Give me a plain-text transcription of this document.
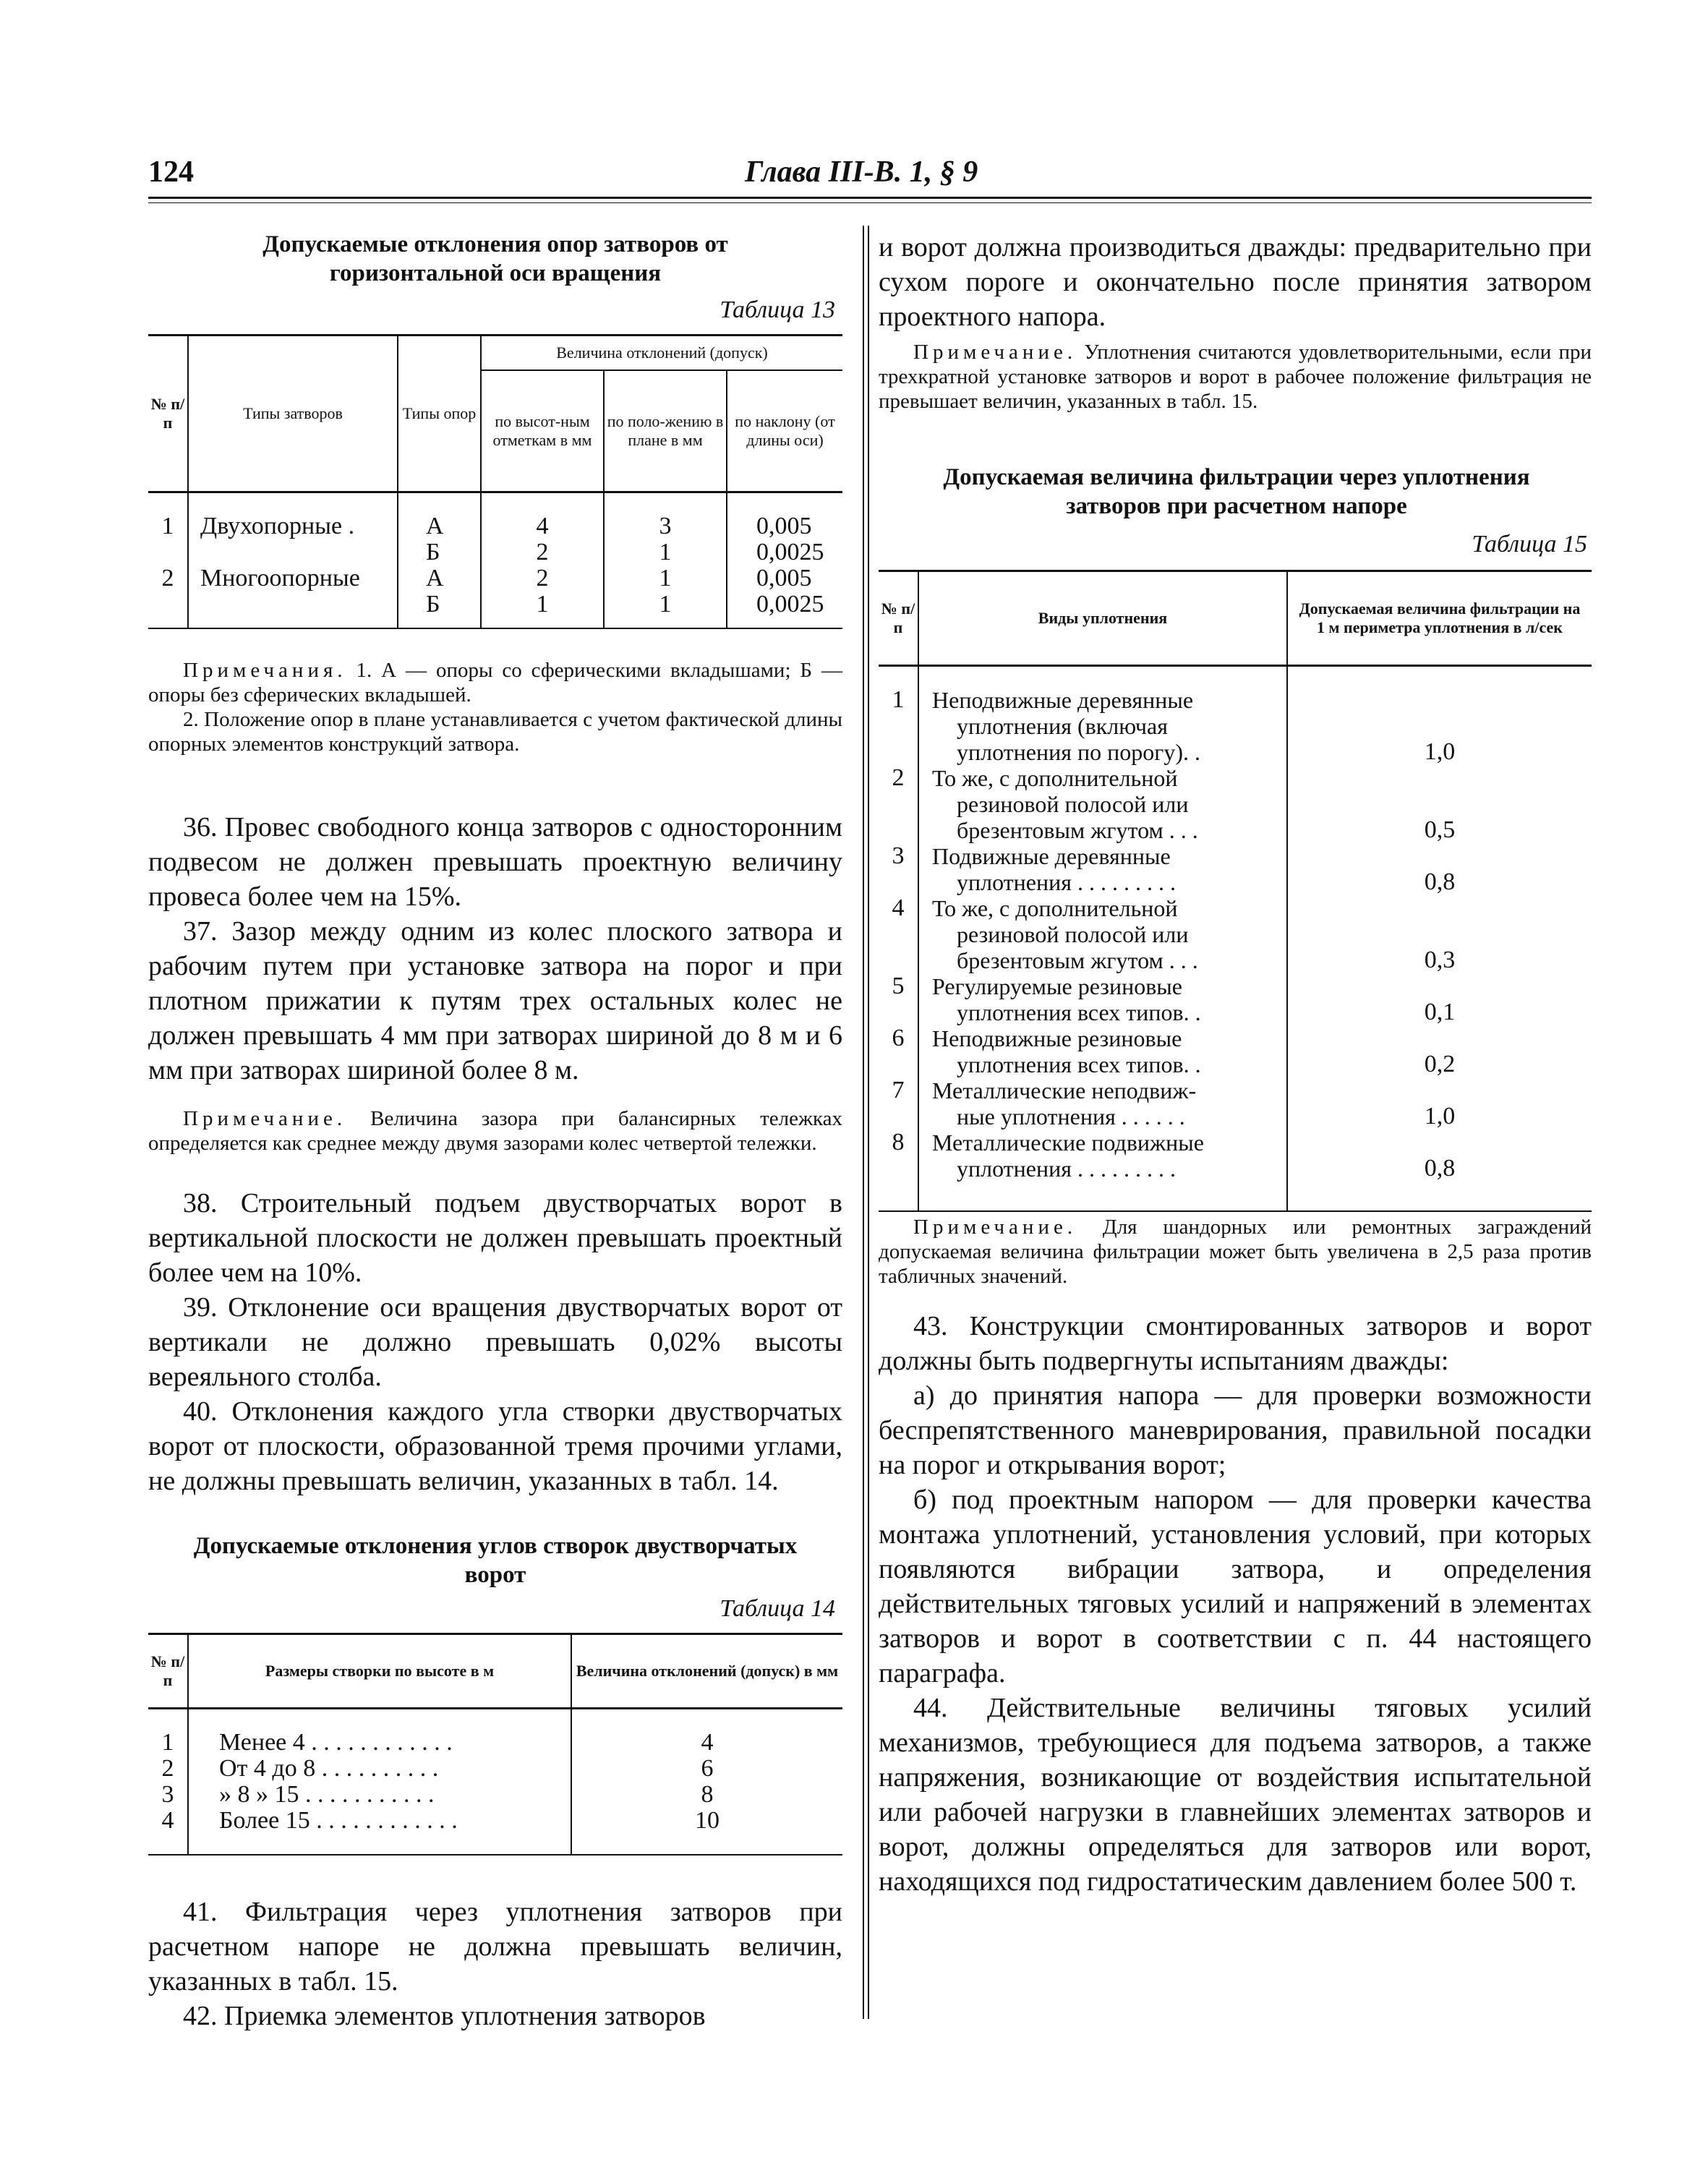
124	Глава III-В. 1, § 9
Допускаемые отклонения опор затворов от горизонтальной оси вращения
Таблица 13
№ п/п	Типы затворов	Типы опор	Величина отклонений (допуск)		
			по высот-ным отметкам в мм	по поло-жению в плане в мм	по наклону (от длины оси)

1	Двухопорные .	А	4	3	0,005
		Б	2	1	0,0025
2	Многоопорные	А	2	1	0,005
		Б	1	1	0,0025

Примечания. 1. А — опоры со сферическими вкладышами; Б — опоры без сферических вкладышей.

2. Положение опор в плане устанавливается с учетом фактической длины опорных элементов конструкций затвора.

36. Провес свободного конца затворов с односторонним подвесом не должен превышать проектную величину провеса более чем на 15%.

37. Зазор между одним из колес плоского затвора и рабочим путем при установке затвора на порог и при плотном прижатии к путям трех остальных колес не должен превышать 4 мм при затворах шириной до 8 м и 6 мм при затворах шириной более 8 м.

Примечание. Величина зазора при балансирных тележках определяется как среднее между двумя зазорами колес четвертой тележки.

38. Строительный подъем двустворчатых ворот в вертикальной плоскости не должен превышать проектный более чем на 10%.

39. Отклонение оси вращения двустворчатых ворот от вертикали не должно превышать 0,02% высоты вереяльного столба.

40. Отклонения каждого угла створки двустворчатых ворот от плоскости, образованной тремя прочими углами, не должны превышать величин, указанных в табл. 14.

Допускаемые отклонения углов створок двустворчатых ворот
Таблица 14
№ п/п	Размеры створки по высоте в м	Величина отклонений (допуск) в мм

1	Менее 4 . . . . . . . . . . . .	4
2	От 4 до 8 . . . . . . . . . .	6
3	» 8 » 15 . . . . . . . . . . .	8
4	Более 15 . . . . . . . . . . . .	10

41. Фильтрация через уплотнения затворов при расчетном напоре не должна превышать величин, указанных в табл. 15.

42. Приемка элементов уплотнения затворов

и ворот должна производиться дважды: предварительно при сухом пороге и окончательно после принятия затвором проектного напора.

Примечание. Уплотнения считаются удовлетворительными, если при трехкратной установке затворов и ворот в рабочее положение фильтрация не превышает величин, указанных в табл. 15.

Допускаемая величина фильтрации через уплотнения затворов при расчетном напоре
Таблица 15
№ п/п	Виды уплотнения	Допускаемая величина фильтрации на 1 м периметра уплотнения в л/сек

1	Неподвижные деревянные
уплотнения (включая
уплотнения по порогу). .	1,0
2	То же, с дополнительной
резиновой полосой или
брезентовым жгутом . . .	0,5
3	Подвижные деревянные
уплотнения . . . . . . . . .	0,8
4	То же, с дополнительной
резиновой полосой или
брезентовым жгутом . . .	0,3
5	Регулируемые резиновые
уплотнения всех типов. .	0,1
6	Неподвижные резиновые
уплотнения всех типов. .	0,2
7	Металлические неподвиж-
ные уплотнения . . . . . .	1,0
8	Металлические подвижные
уплотнения . . . . . . . . .	0,8

Примечание. Для шандорных или ремонтных заграждений допускаемая величина фильтрации может быть увеличена в 2,5 раза против табличных значений.

43. Конструкции смонтированных затворов и ворот должны быть подвергнуты испытаниям дважды:

а) до принятия напора — для проверки возможности беспрепятственного маневрирования, правильной посадки на порог и открывания ворот;

б) под проектным напором — для проверки качества монтажа уплотнений, установления условий, при которых появляются вибрации затвора, и определения действительных тяговых усилий и напряжений в элементах затворов и ворот в соответствии с п. 44 настоящего параграфа.

44. Действительные величины тяговых усилий механизмов, требующиеся для подъема затворов, а также напряжения, возникающие от воздействия испытательной или рабочей нагрузки в главнейших элементах затворов и ворот, должны определяться для затворов или ворот, находящихся под гидростатическим давлением более 500 т.
